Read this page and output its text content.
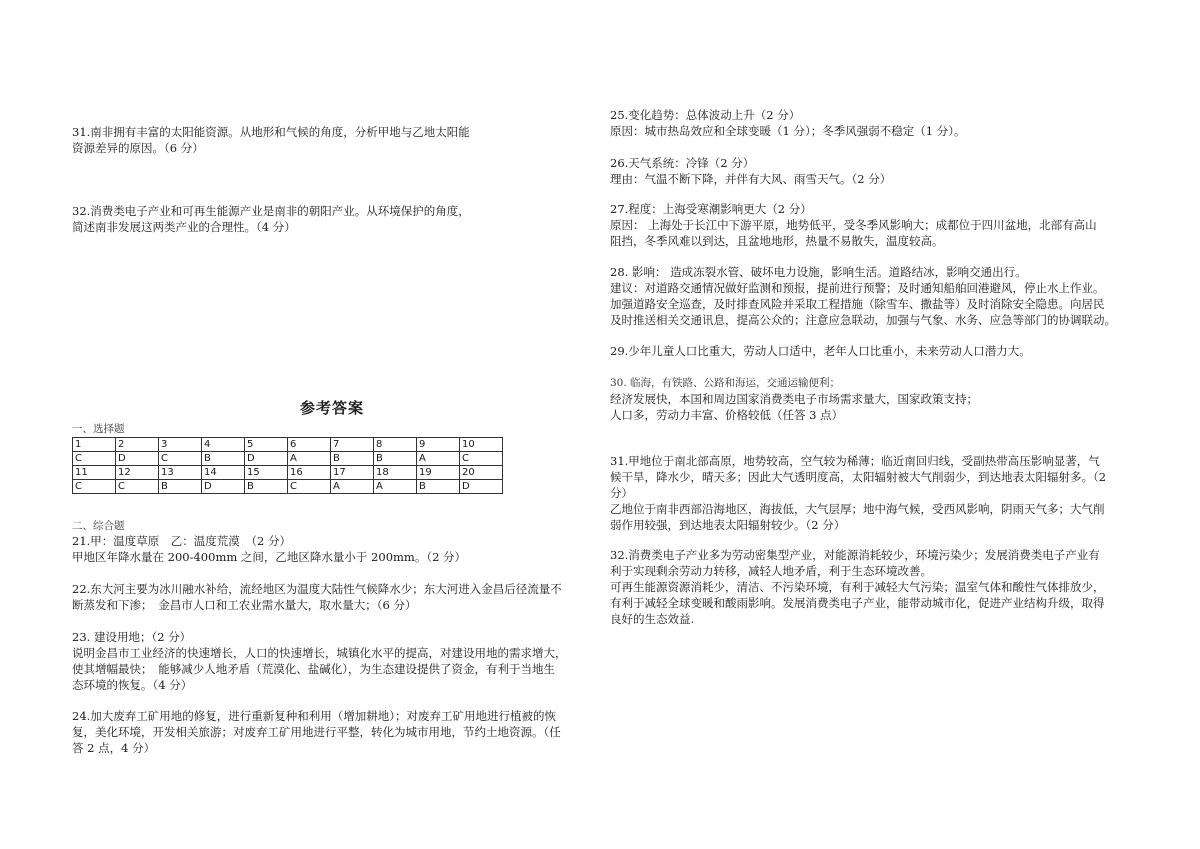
31.南非拥有丰富的太阳能资源。从地形和气候的角度，分析甲地与乙地太阳能

资源差异的原因。（6 分）

32.消费类电子产业和可再生能源产业是南非的朝阳产业。从环境保护的角度，

简述南非发展这两类产业的合理性。（4 分）

参考答案
一、选择题
1	2	3	4	5	6	7	8	9	10
C	D	C	B	D	A	B	B	A	C
11	12	13	14	15	16	17	18	19	20
C	C	B	D	B	C	A	A	B	D
二、综合题

21.甲：温度草原　乙：温度荒漠　（2 分）

甲地区年降水量在 200-400mm 之间，乙地区降水量小于 200mm。（2 分）

22.东大河主要为冰川融水补给，流经地区为温度大陆性气候降水少；东大河进入金昌后径流量不

断蒸发和下渗；　金昌市人口和工农业需水量大，取水量大；（6 分）

23. 建设用地；（2 分）

说明金昌市工业经济的快速增长，人口的快速增长，城镇化水平的提高，对建设用地的需求增大，

使其增幅最快；　能够减少人地矛盾（荒漠化、盐碱化），为生态建设提供了资金，有利于当地生

态环境的恢复。（4 分）

24.加大废弃工矿用地的修复，进行重新复种和利用（增加耕地）；对废弃工矿用地进行植被的恢

复，美化环境，开发相关旅游；对废弃工矿用地进行平整，转化为城市用地，节约土地资源。（任

答 2 点，4 分）

25.变化趋势：总体波动上升（2 分）

原因：城市热岛效应和全球变暖（1 分）；冬季风强弱不稳定（1 分）。

26.天气系统：冷锋（2 分）

理由：气温不断下降，并伴有大风、雨雪天气。（2 分）

27.程度：上海受寒潮影响更大（2 分）

原因： 上海处于长江中下游平原，地势低平，受冬季风影响大；成都位于四川盆地，北部有高山

阻挡，冬季风难以到达，且盆地地形，热量不易散失，温度较高。

28. 影响： 造成冻裂水管、破坏电力设施，影响生活。道路结冰，影响交通出行。

建议：对道路交通情况做好监测和预报，提前进行预警；及时通知船舶回港避风，停止水上作业。

加强道路安全巡查，及时排查风险并采取工程措施（除雪车、撒盐等）及时消除安全隐患。向居民

及时推送相关交通讯息，提高公众的；注意应急联动，加强与气象、水务、应急等部门的协调联动。

29.少年儿童人口比重大，劳动人口适中，老年人口比重小，未来劳动人口潜力大。

30. 临海，有铁路、公路和海运，交通运输便利；

经济发展快，本国和周边国家消费类电子市场需求量大，国家政策支持；

人口多，劳动力丰富、价格较低（任答 3 点）

31.甲地位于南北部高原，地势较高，空气较为稀薄；临近南回归线，受副热带高压影响显著，气

候干旱，降水少，晴天多；因此大气透明度高，太阳辐射被大气削弱少，到达地表太阳辐射多。（2

分）

乙地位于南非西部沿海地区，海拔低，大气层厚；地中海气候，受西风影响，阴雨天气多；大气削

弱作用较强，到达地表太阳辐射较少。（2 分）

32.消费类电子产业多为劳动密集型产业，对能源消耗较少，环境污染少；发展消费类电子产业有

利于实现剩余劳动力转移，减轻人地矛盾，利于生态环境改善。

可再生能源资源消耗少，清洁、不污染环境，有利于减轻大气污染；温室气体和酸性气体排放少，

有利于减轻全球变暖和酸雨影响。发展消费类电子产业，能带动城市化，促进产业结构升级，取得

良好的生态效益.
